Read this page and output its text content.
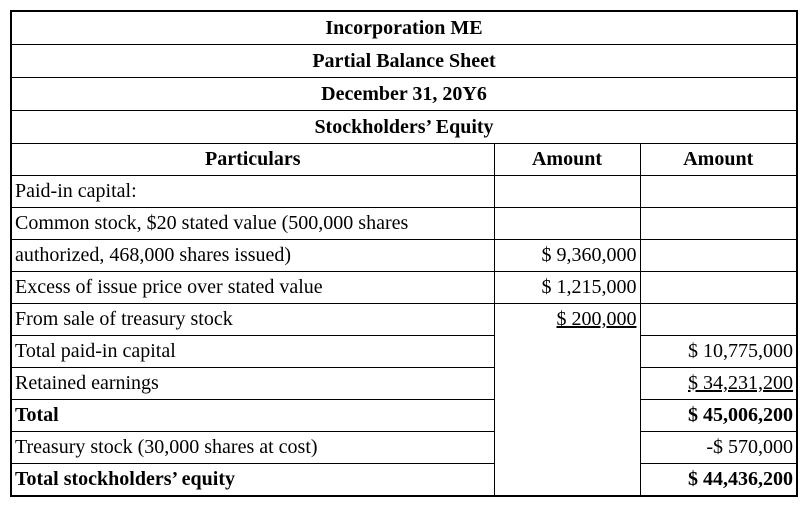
Incorporation ME
Partial Balance Sheet
December 31, 20Y6
Stockholders’ Equity
Particulars	Amount	Amount
Paid-in capital:		
Common stock, $20 stated value (500,000 shares		
authorized, 468,000 shares issued)	$ 9,360,000	
Excess of issue price over stated value	$ 1,215,000	
From sale of treasury stock	$ 200,000	
Total paid-in capital		$ 10,775,000
Retained earnings		$ 34,231,200
Total		$ 45,006,200
Treasury stock (30,000 shares at cost)		-$ 570,000
Total stockholders’ equity		$ 44,436,200
